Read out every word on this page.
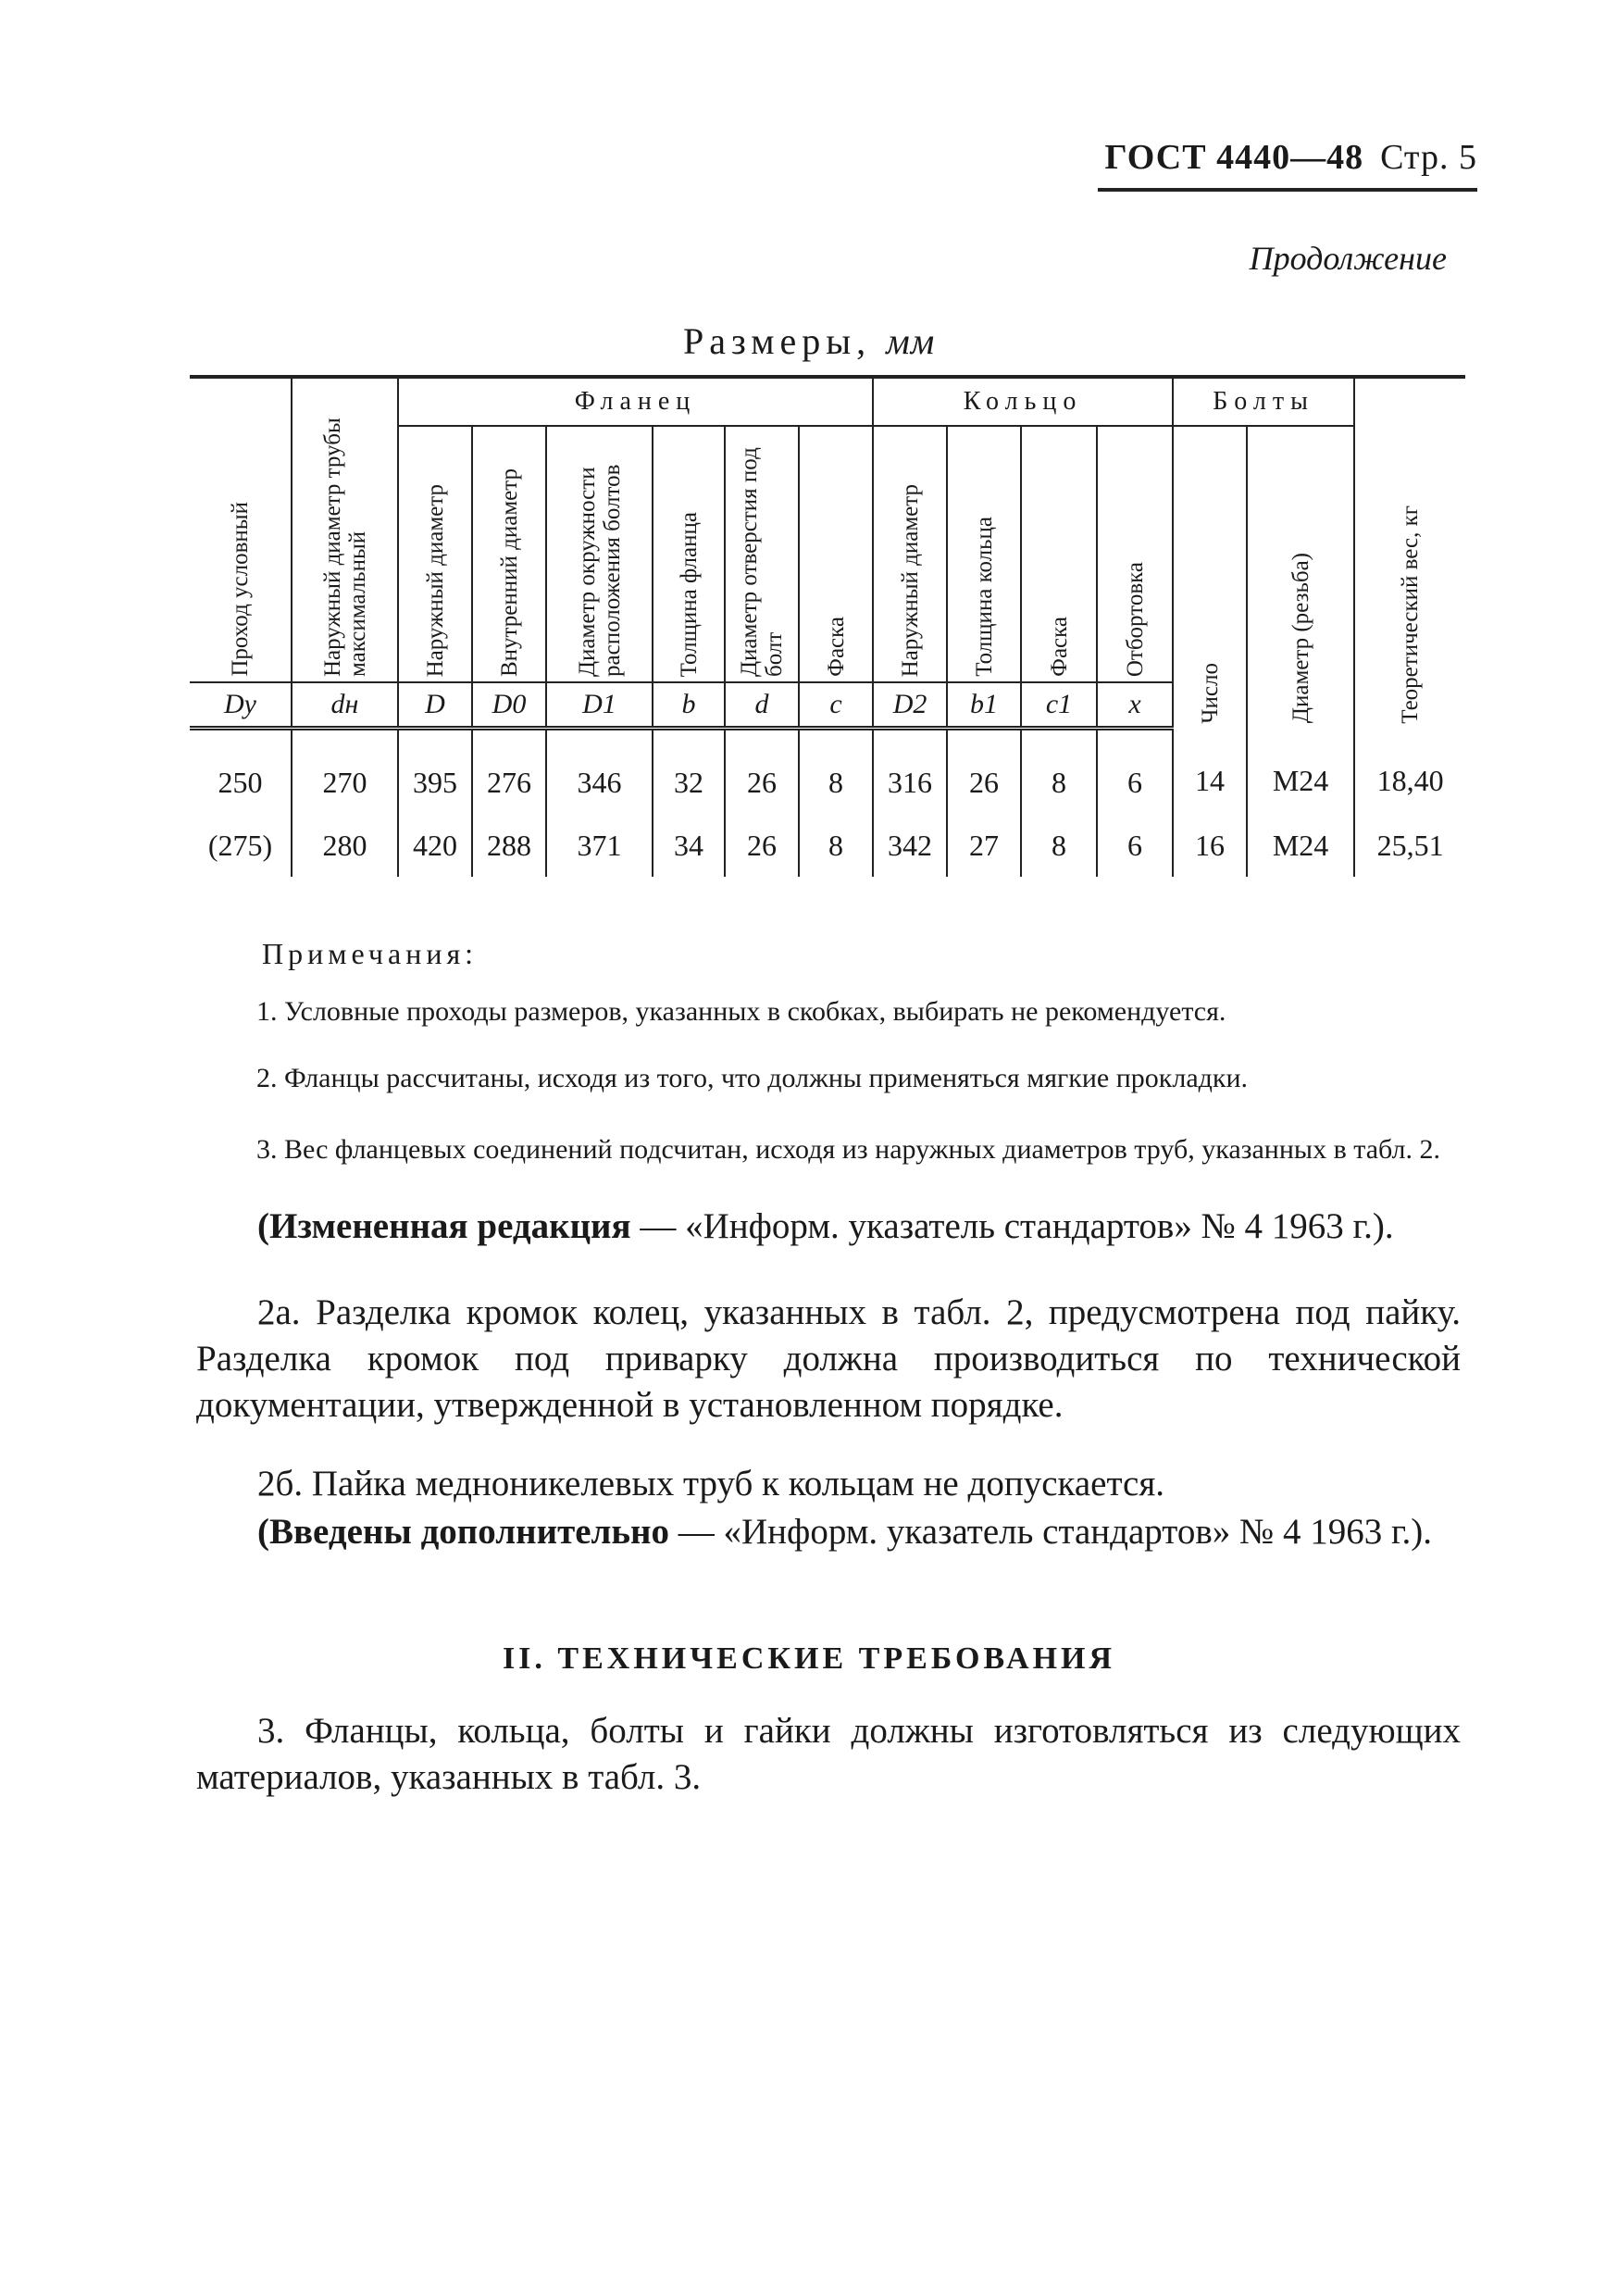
ГОСТ 4440—48 Стр. 5
Продолжение
Размеры, мм
Проход условный	Наружный диаметр трубы максимальный	Фланец						Кольцо				Болты		Теоретический вес, кг
		Наружный диаметр	Внутренний диаметр	Диаметр окружности расположения болтов	Толщина фланца	Диаметр отверстия под болт	Фаска	Наружный диаметр	Толщина кольца	Фаска	Отбортовка	Число	Диаметр (резьба)	
Dу	dн	D	D0	D1	b	d	c	D2	b1	c1	x			
250	270	395	276	346	32	26	8	316	26	8	6	14	М24	18,40
(275)	280	420	288	371	34	26	8	342	27	8	6	16	М24	25,51
Примечания:
1. Условные проходы размеров, указанных в скобках, выбирать не рекомендуется.
2. Фланцы рассчитаны, исходя из того, что должны применяться мягкие прокладки.
3. Вес фланцевых соединений подсчитан, исходя из наружных диаметров труб, указанных в табл. 2.
(Измененная редакция — «Информ. указатель стандартов» № 4 1963 г.).
2а. Разделка кромок колец, указанных в табл. 2, предусмотрена под пайку. Разделка кромок под приварку должна производиться по технической документации, утвержденной в установленном порядке.
2б. Пайка медноникелевых труб к кольцам не допускается.
(Введены дополнительно — «Информ. указатель стандартов» № 4 1963 г.).
II. ТЕХНИЧЕСКИЕ ТРЕБОВАНИЯ
3. Фланцы, кольца, болты и гайки должны изготовляться из следующих материалов, указанных в табл. 3.
